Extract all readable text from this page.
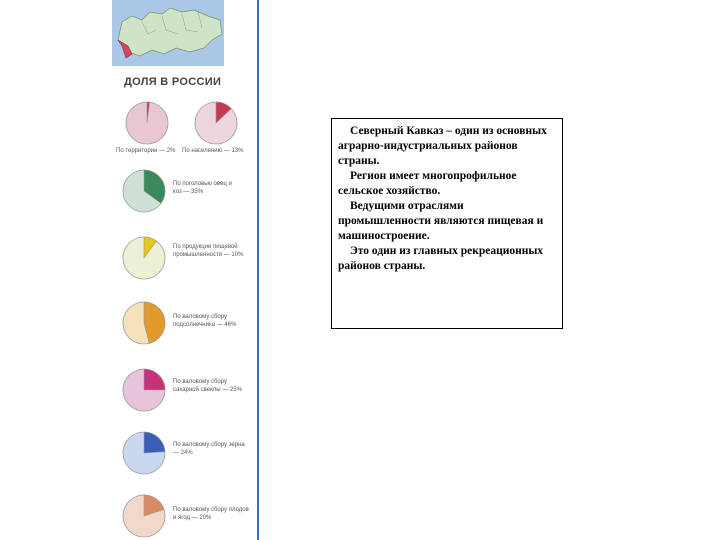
ДОЛЯ В РОССИИ
По территории — 2% По населению — 13%
По поголовью овец и коз — 35%
По продукции пищевой промышленности — 10%
По валовому сбору подсолнечника — 46%
По валовому сбору сахарной свеклы — 25%
По валовому сбору зерна — 24%
По валовому сбору плодов и ягод — 20%

Северный Кавказ – один из основных аграрно-индустриальных районов страны.

Регион имеет многопрофильное сельское хозяйство.

Ведущими отраслями промышленности являются пищевая и машиностроение.

Это один из главных рекреационных районов страны.
